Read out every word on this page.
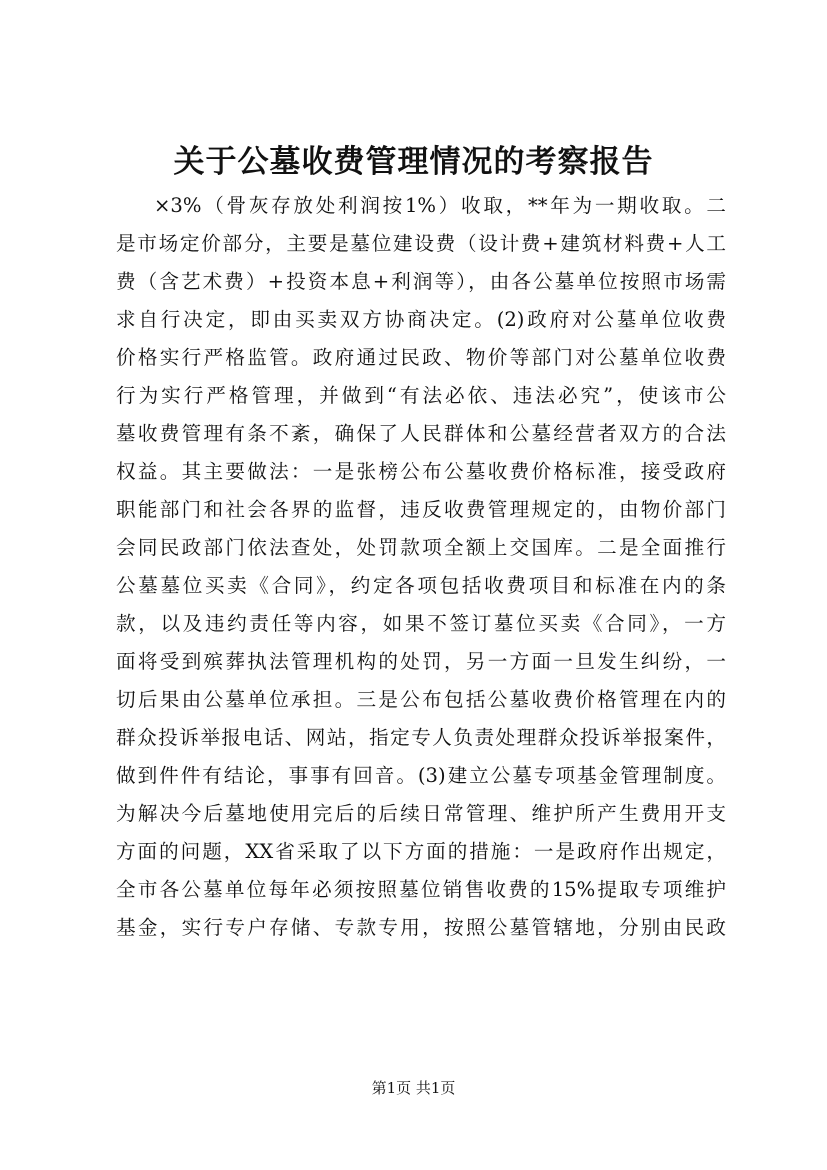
关于公墓收费管理情况的考察报告
×3%（骨灰存放处利润按1%）收取，**年为一期收取。二
是市场定价部分，主要是墓位建设费（设计费+建筑材料费+人工
费（含艺术费）+投资本息+利润等），由各公墓单位按照市场需
求自行决定，即由买卖双方协商决定。(2)政府对公墓单位收费
价格实行严格监管。政府通过民政、物价等部门对公墓单位收费
行为实行严格管理，并做到“有法必依、违法必究”，使该市公
墓收费管理有条不紊，确保了人民群体和公墓经营者双方的合法
权益。其主要做法：一是张榜公布公墓收费价格标准，接受政府
职能部门和社会各界的监督，违反收费管理规定的，由物价部门
会同民政部门依法查处，处罚款项全额上交国库。二是全面推行
公墓墓位买卖《合同》，约定各项包括收费项目和标准在内的条
款，以及违约责任等内容，如果不签订墓位买卖《合同》，一方
面将受到殡葬执法管理机构的处罚，另一方面一旦发生纠纷，一
切后果由公墓单位承担。三是公布包括公墓收费价格管理在内的
群众投诉举报电话、网站，指定专人负责处理群众投诉举报案件，
做到件件有结论，事事有回音。(3)建立公墓专项基金管理制度。
为解决今后墓地使用完后的后续日常管理、维护所产生费用开支
方面的问题，XX省采取了以下方面的措施：一是政府作出规定，
全市各公墓单位每年必须按照墓位销售收费的15%提取专项维护
基金，实行专户存储、专款专用，按照公墓管辖地，分别由民政
第1页 共1页
